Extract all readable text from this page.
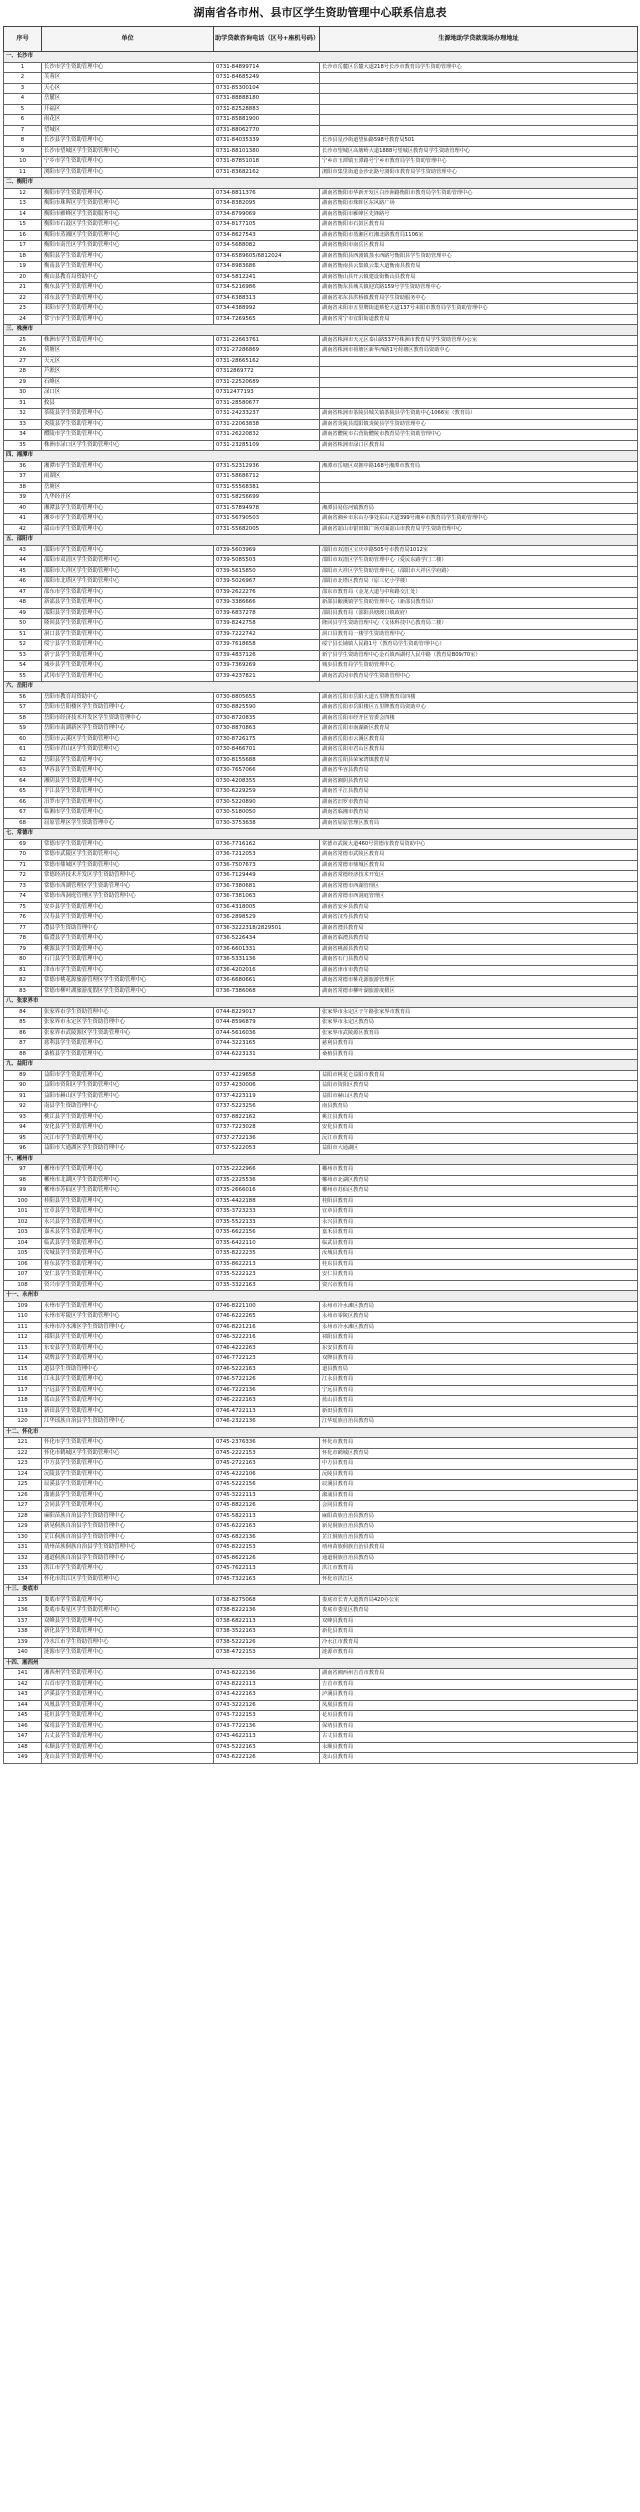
湖南省各市州、县市区学生资助管理中心联系信息表
序号	单位	助学贷款咨询电话（区号+座机号码）	生源地助学贷款现场办理地址
一、长沙市			
1	长沙市学生资助管理中心	0731-84899714	长沙市岳麓区岳麓大道218号长沙市教育局学生资助管理中心
2	芙蓉区	0731-84685249	
3	天心区	0731-85300104	
4	岳麓区	0731-88888180	
5	开福区	0731-82528883	
6	雨花区	0731-85881900	
7	望城区	0731-88062770	
8	长沙县学生资助管理中心	0731-84035339	长沙县星沙街道望仙路598号教育局501
9	长沙市望城区学生资助管理中心	0731-88101380	长沙市望城区高塘岭大道1888号望城区教育局学生资助管理中心
10	宁乡市学生资助管理中心	0731-87851018	宁乡市玉潭镇玉潭路号宁乡市教育局学生资助管理中心
11	浏阳市学生资助管理中心	0731-83682162	浏阳市集里街道金沙北路号浏阳市教育局学生资助管理中心
二、衡阳市			
12	衡阳市学生资助管理中心	0734-8811376	湖南省衡阳市华新开发区白沙洲路衡阳市教育局学生资助管理中心
13	衡阳市珠晖区学生资助管理中心	0734-8382095	湖南省衡阳市珠晖区东风路广场
14	衡阳市雁峰区学生资助服务中心	0734-8799069	湖南省衡阳市雁峰区先锋路号
15	衡阳市石鼓区学生资助管理中心	0734-8177105	湖南省衡阳市石鼓区教育局
16	衡阳市蒸湘区学生资助管理中心	0734-8627543	湖南省衡阳市蒸湘区红湘北路教育局1106室
17	衡阳市南岳区学生资助管理中心	0734-5688082	湖南省衡阳市南岳区教育局
18	衡阳县学生资助管理中心	0734-6589605/6812024	湖南省衡阳县西渡镇蒸水西路号衡阳县学生资助管理中心
19	衡南县学生资助管理中心	0734-8983686	湖南省衡南县云集镇云集大道衡南县教育局
20	衡山县教育局资助中心	0734-5812241	湖南省衡山县开云镇建设街衡山县教育局
21	衡东县学生资助管理中心	0734-5216986	湖南省衡东县城关镇迎宾路159号学生资助管理中心
22	祁东县学生资助管理中心	0734-6388313	湖南省祁东县洪桥镇教育局学生资助服务中心
23	耒阳市学生资助管理中心	0734-4388992	湖南省耒阳市五里牌街道蔡伦大道137号耒阳市教育局学生资助管理中心
24	常宁市学生资助管理中心	0734-7269565	湖南省常宁市宜阳街道教育局
三、株洲市			
25	株洲市学生资助管理中心	0731-22663761	湖南省株洲市天元区泰山路537号株洲市教育局学生资助管理办公室
26	荷塘区	0731-27286869	湖南省株洲市荷塘区新华西路1号荷塘区教育局资助中心
27	天元区	0731-28665162	
28	芦淞区	07312869772	
29	石峰区	0731-22520689	
30	渌口区	07312477193	
31	攸县	0731-28580677	
32	茶陵县学生资助管理中心	0731-24233237	湖南省株洲市茶陵县城关镇茶陵县学生资助中心1066室（教育局）
33	炎陵县学生资助管理中心	0731-22063838	湖南省炎陵县霞阳镇炎陵县学生资助管理中心
34	醴陵市学生资助管理中心	0731-26220832	湖南省醴陵市右营街醴陵市教育局学生资助管理中心
35	株洲市渌口区学生资助管理中心	0731-23285109	湖南省株洲市渌口区教育局
四、湘潭市			
36	湘潭市学生资助管理中心	0731-52312936	湘潭市岳塘区双拥中路168号湘潭市教育局
37	雨湖区	0731-58686712	
38	岳塘区	0731-55568381	
39	九华经开区	0731-58256699	
40	湘潭县学生资助管理中心	0731-57894978	湘潭县易俗河镇教育局
41	湘乡市学生资助管理中心	0731-56790503	湖南省湘乡市东山办事处东山大道399号湘乡市教育局学生资助管理中心
42	韶山市学生资助管理中心	0731-55682005	湖南省韶山市银田镇广场对面韶山市教育局学生资助管理中心
五、邵阳市			
43	邵阳市学生资助管理中心	0739-5603969	邵阳市双清区宝庆中路505号市教育局1012室
44	邵阳市双清区学生资助管理中心	0739-5085503	邵阳市双清区学生资助管理中心（爱民东路学门二楼）
45	邵阳市大祥区学生资助管理中心	0739-5615850	邵阳市大祥区学生资助管理中心（邵阳市大祥区学府路）
46	邵阳市北塔区学生资助管理中心	0739-5026967	邵阳市北塔区教育局（原三亿小学楼）
47	邵东市学生资助管理中心	0739-2622276	邵东市教育局（金龙大道与中和路交汇处）
48	新邵县学生资助管理中心	0739-3386666	新邵县酿溪镇学生资助管理中心（新邵县教育局）
49	邵阳县学生资助管理中心	0739-6837278	邵阳县教育局（邵阳县塘渡口镇政府）
50	隆回县学生资助管理中心	0739-8242758	隆回县学生资助管理中心（文体科技中心教育局二楼）
51	洞口县学生资助管理中心	0739-7222742	洞口县教育局一楼学生资助管理中心
52	绥宁县学生资助管理中心	0739-7618658	绥宁县长铺镇人民路1号（教育局学生资助管理中心）
53	新宁县学生资助管理中心	0739-4837126	新宁县学生资助管理中心金石镇西湖村人民中路（教育局B09/70室）
54	城步县学生资助管理中心	0739-7369269	城步县教育局学生资助管理中心
55	武冈市学生资助管理中心	0739-4237821	湖南省武冈市教育局学生资助管理中心
六、岳阳市			
56	岳阳市教育局资助中心	0730-8805655	湖南省岳阳市岳阳大道五里牌教育局四楼
57	岳阳市岳阳楼区学生资助管理中心	0730-8825590	湖南省岳阳市岳阳楼区五里牌教育局资助中心
58	岳阳市经济技术开发区学生资助管理中心	0730-8720835	湖南省岳阳市经开区管委会四楼
59	岳阳市南湖新区学生资助管理中心	0730-8870863	湖南省岳阳市南湖新区教育局
60	岳阳市云溪区学生资助管理中心	0730-8726175	湖南省岳阳市云溪区教育局
61	岳阳市君山区学生资助管理中心	0730-8466701	湖南省岳阳市君山区教育局
62	岳阳县学生资助管理中心	0730-8155688	湖南省岳阳县荣家湾镇教育局
63	华容县学生资助管理中心	0730-7657066	湖南省华容县教育局
64	湘阴县学生资助管理中心	0730-4208355	湖南省湘阴县教育局
65	平江县学生资助管理中心	0730-6229259	湖南省平江县教育局
66	汨罗市学生资助管理中心	0730-5220890	湖南省汨罗市教育局
67	临湘市学生资助管理中心	0730-5180050	湖南省临湘市教育局
68	屈原管理区学生资助管理中心	0730-3753638	湖南省屈原管理区教育局
七、常德市			
69	常德市学生资助管理中心	0736-7716162	常德市武陵大道460号常德市教育局资助中心
70	常德市武陵区学生资助管理中心	0736-7212053	湖南省常德市武陵区教育局
71	常德市鼎城区学生资助管理中心	0736-7507673	湖南省常德市鼎城区教育局
72	常德经济技术开发区学生资助管理中心	0736-7129449	湖南省常德经济技术开发区
73	常德市西湖管理区学生资助管理中心	0736-7380681	湖南省常德市西湖管理区
74	常德市西洞庭管理区学生资助管理中心	0736-7381063	湖南省常德市西洞庭管理区
75	安乡县学生资助管理中心	0736-4318005	湖南省安乡县教育局
76	汉寿县学生资助管理中心	0736-2898529	湖南省汉寿县教育局
77	澧县学生资助管理中心	0736-3222318/2829501	湖南省澧县教育局
78	临澧县学生资助管理中心	0736-5226434	湖南省临澧县教育局
79	桃源县学生资助管理中心	0736-6601331	湖南省桃源县教育局
80	石门县学生资助管理中心	0736-5331136	湖南省石门县教育局
81	津市市学生资助管理中心	0736-4202016	湖南省津市市教育局
82	常德市桃花源旅游管理区学生资助管理中心	0736-6680661	湖南省常德市桃花源旅游管理区
83	常德市柳叶湖旅游度假区学生资助管理中心	0736-7386068	湖南省常德市柳叶湖旅游度假区
八、张家界市			
84	张家界市学生资助管理中心	0744-8229017	张家界市永定区子午路张家界市教育局
85	张家界市永定区学生资助管理中心	0744-8596879	张家界市永定区教育局
86	张家界市武陵源区学生资助管理中心	0744-5616036	张家界市武陵源区教育局
87	慈利县学生资助管理中心	0744-3223165	慈利县教育局
88	桑植县学生资助管理中心	0744-6223131	桑植县教育局
九、益阳市			
89	益阳市学生资助管理中心	0737-4229658	益阳市桃花仑益阳市教育局
90	益阳市资阳区学生资助管理中心	0737-4230006	益阳市资阳区教育局
91	益阳市赫山区学生资助管理中心	0737-4223119	益阳市赫山区教育局
92	南县学生资助管理中心	0737-5223256	南县教育局
93	桃江县学生资助管理中心	0737-8822162	桃江县教育局
94	安化县学生资助管理中心	0737-7223028	安化县教育局
95	沅江市学生资助管理中心	0737-2722136	沅江市教育局
96	益阳市大通湖区学生资助管理中心	0737-5222053	益阳市大通湖区
十、郴州市			
97	郴州市学生资助管理中心	0735-2222966	郴州市教育局
98	郴州市北湖区学生资助管理中心	0735-2225536	郴州市北湖区教育局
99	郴州市苏仙区学生资助管理中心	0735-2666016	郴州市苏仙区教育局
100	桂阳县学生资助管理中心	0735-4422188	桂阳县教育局
101	宜章县学生资助管理中心	0735-3723233	宜章县教育局
102	永兴县学生资助管理中心	0735-5522133	永兴县教育局
103	嘉禾县学生资助管理中心	0735-6622156	嘉禾县教育局
104	临武县学生资助管理中心	0735-6422110	临武县教育局
105	汝城县学生资助管理中心	0735-8222235	汝城县教育局
106	桂东县学生资助管理中心	0735-8622213	桂东县教育局
107	安仁县学生资助管理中心	0735-5222123	安仁县教育局
108	资兴市学生资助管理中心	0735-3322163	资兴市教育局
十一、永州市			
109	永州市学生资助管理中心	0746-8221100	永州市冷水滩区教育局
110	永州市零陵区学生资助管理中心	0746-6222265	永州市零陵区教育局
111	永州市冷水滩区学生资助管理中心	0746-8221216	永州市冷水滩区教育局
112	祁阳县学生资助管理中心	0746-3222216	祁阳县教育局
113	东安县学生资助管理中心	0746-4222263	东安县教育局
114	双牌县学生资助管理中心	0746-7722123	双牌县教育局
115	道县学生资助管理中心	0746-5222163	道县教育局
116	江永县学生资助管理中心	0746-5722126	江永县教育局
117	宁远县学生资助管理中心	0746-7222136	宁远县教育局
118	蓝山县学生资助管理中心	0746-2222163	蓝山县教育局
119	新田县学生资助管理中心	0746-4722113	新田县教育局
120	江华瑶族自治县学生资助管理中心	0746-2322136	江华瑶族自治县教育局
十二、怀化市			
121	怀化市学生资助管理中心	0745-2376336	怀化市教育局
122	怀化市鹤城区学生资助管理中心	0745-2222153	怀化市鹤城区教育局
123	中方县学生资助管理中心	0745-2722163	中方县教育局
124	沅陵县学生资助管理中心	0745-4222106	沅陵县教育局
125	辰溪县学生资助管理中心	0745-5222156	辰溪县教育局
126	溆浦县学生资助管理中心	0745-3222113	溆浦县教育局
127	会同县学生资助管理中心	0745-8822126	会同县教育局
128	麻阳苗族自治县学生资助管理中心	0745-5822113	麻阳苗族自治县教育局
129	新晃侗族自治县学生资助管理中心	0745-6222163	新晃侗族自治县教育局
130	芷江侗族自治县学生资助管理中心	0745-6822136	芷江侗族自治县教育局
131	靖州苗族侗族自治县学生资助管理中心	0745-8222153	靖州苗族侗族自治县教育局
132	通道侗族自治县学生资助管理中心	0745-8622126	通道侗族自治县教育局
133	洪江市学生资助管理中心	0745-7622113	洪江市教育局
134	怀化市洪江区学生资助管理中心	0745-7322163	怀化市洪江区
十三、娄底市			
135	娄底市学生资助管理中心	0738-8275068	娄底市长青大道教育局420办公室
136	娄底市娄星区学生资助管理中心	0738-8222136	娄底市娄星区教育局
137	双峰县学生资助管理中心	0738-6822113	双峰县教育局
138	新化县学生资助管理中心	0738-3522163	新化县教育局
139	冷水江市学生资助管理中心	0738-5222126	冷水江市教育局
140	涟源市学生资助管理中心	0738-4722153	涟源市教育局
十四、湘西州			
141	湘西州学生资助管理中心	0743-8222136	湖南省湘西州吉首市教育局
142	吉首市学生资助管理中心	0743-8222113	吉首市教育局
143	泸溪县学生资助管理中心	0743-4222163	泸溪县教育局
144	凤凰县学生资助管理中心	0743-3222126	凤凰县教育局
145	花垣县学生资助管理中心	0743-7222153	花垣县教育局
146	保靖县学生资助管理中心	0743-7722136	保靖县教育局
147	古丈县学生资助管理中心	0743-4622113	古丈县教育局
148	永顺县学生资助管理中心	0743-5222163	永顺县教育局
149	龙山县学生资助管理中心	0743-6222126	龙山县教育局
